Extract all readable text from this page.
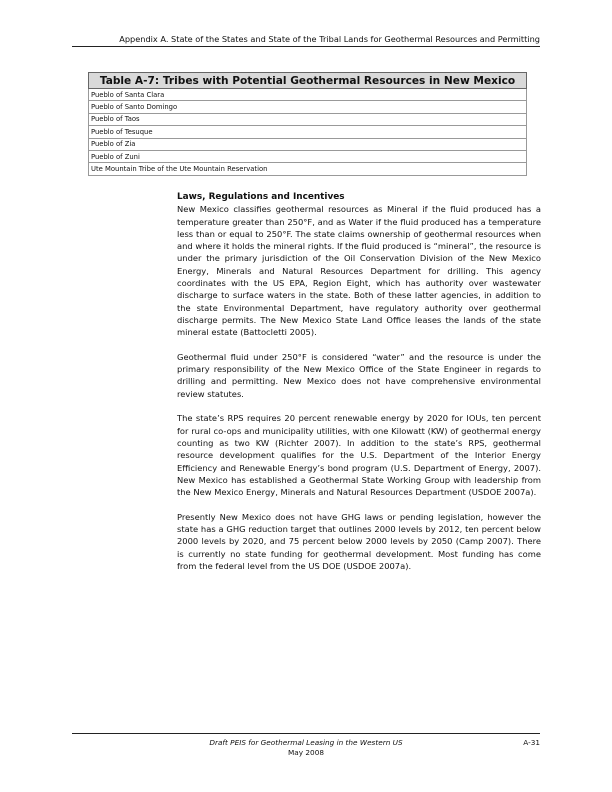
Appendix A. State of the States and State of the Tribal Lands for Geothermal Resources and Permitting
Table A-7: Tribes with Potential Geothermal Resources in New Mexico
Pueblo of Santa Clara
Pueblo of Santo Domingo
Pueblo of Taos
Pueblo of Tesuque
Pueblo of Zia
Pueblo of Zuni
Ute Mountain Tribe of the Ute Mountain Reservation
Laws, Regulations and Incentives

New Mexico classifies geothermal resources as Mineral if the fluid produced has a temperature greater than 250°F, and as Water if the fluid produced has a temperature less than or equal to 250°F. The state claims ownership of geothermal resources when and where it holds the mineral rights. If the fluid produced is “mineral”, the resource is under the primary jurisdiction of the Oil Conservation Division of the New Mexico Energy, Minerals and Natural Resources Department for drilling. This agency coordinates with the US EPA, Region Eight, which has authority over wastewater discharge to surface waters in the state. Both of these latter agencies, in addition to the state Environmental Department, have regulatory authority over geothermal discharge permits. The New Mexico State Land Office leases the lands of the state mineral estate (Battocletti 2005).

Geothermal fluid under 250°F is considered “water” and the resource is under the primary responsibility of the New Mexico Office of the State Engineer in regards to drilling and permitting. New Mexico does not have comprehensive environmental review statutes.

The state’s RPS requires 20 percent renewable energy by 2020 for IOUs, ten percent for rural co-ops and municipality utilities, with one Kilowatt (KW) of geothermal energy counting as two KW (Richter 2007). In addition to the state’s RPS, geothermal resource development qualifies for the U.S. Department of the Interior Energy Efficiency and Renewable Energy’s bond program (U.S. Department of Energy, 2007). New Mexico has established a Geothermal State Working Group with leadership from the New Mexico Energy, Minerals and Natural Resources Department (USDOE 2007a).

Presently New Mexico does not have GHG laws or pending legislation, however the state has a GHG reduction target that outlines 2000 levels by 2012, ten percent below 2000 levels by 2020, and 75 percent below 2000 levels by 2050 (Camp 2007). There is currently no state funding for geothermal development. Most funding has come from the federal level from the US DOE (USDOE 2007a).

Draft PEIS for Geothermal Leasing in the Western US	A-31
May 2008
